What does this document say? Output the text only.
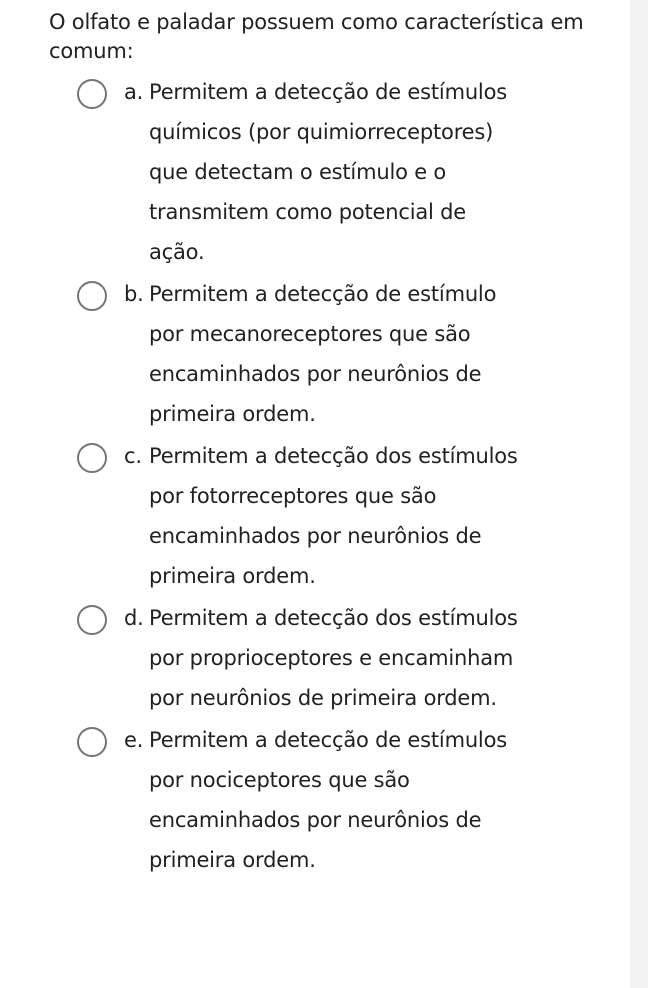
O olfato e paladar possuem como característica em comum:
a. Permitem a detecção de estímulos químicos (por quimiorreceptores) que detectam o estímulo e o transmitem como potencial de ação.
b. Permitem a detecção de estímulo por mecanoreceptores que são encaminhados por neurônios de primeira ordem.
c. Permitem a detecção dos estímulos por fotorreceptores que são encaminhados por neurônios de primeira ordem.
d. Permitem a detecção dos estímulos por proprioceptores e encaminham por neurônios de primeira ordem.
e. Permitem a detecção de estímulos por nociceptores que são encaminhados por neurônios de primeira ordem.
